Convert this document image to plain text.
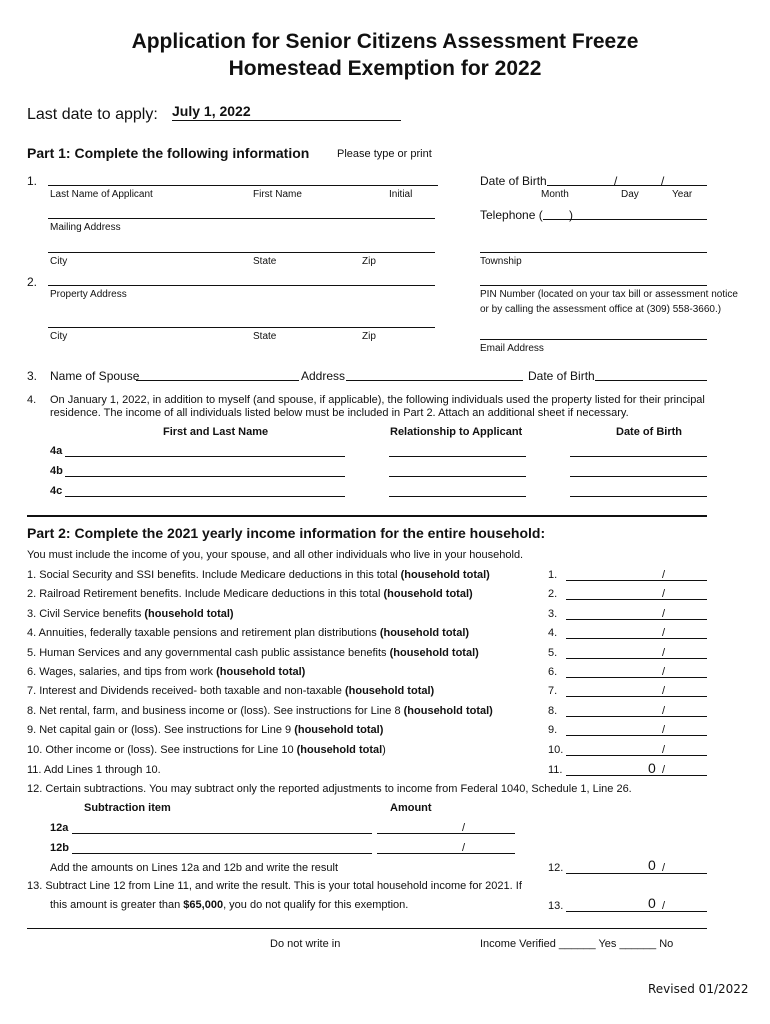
Application for Senior Citizens Assessment Freeze
Homestead Exemption for 2022
Last date to apply: July 1, 2022
Part 1: Complete the following information	Please type or print
1.
Last Name of Applicant	First Name	Initial
Mailing Address
City	State	Zip
Date of Birth	/	/
Month	Day	Year
Telephone ( )
Township
2.
Property Address
City	State	Zip
PIN Number (located on your tax bill or assessment notice
or by calling the assessment office at (309) 558-3660.)
Email Address
3. Name of Spouse	Address	Date of Birth
4. On January 1, 2022, in addition to myself (and spouse, if applicable), the following individuals used the property listed for their principal
residence. The income of all individuals listed below must be included in Part 2. Attach an additional sheet if necessary.
First and Last Name	Relationship to Applicant	Date of Birth
4a
4b
4c
Part 2: Complete the 2021 yearly income information for the entire household:
You must include the income of you, your spouse, and all other individuals who live in your household.
1. Social Security and SSI benefits. Include Medicare deductions in this total (household total)	1.	/
2. Railroad Retirement benefits. Include Medicare deductions in this total (household total)	2.	/
3. Civil Service benefits (household total)	3.	/
4. Annuities, federally taxable pensions and retirement plan distributions (household total)	4.	/
5. Human Services and any governmental cash public assistance benefits (household total)	5.	/
6. Wages, salaries, and tips from work (household total)	6.	/
7. Interest and Dividends received- both taxable and non-taxable (household total)	7.	/
8. Net rental, farm, and business income or (loss). See instructions for Line 8 (household total)	8.	/
9. Net capital gain or (loss). See instructions for Line 9 (household total)	9.	/
10. Other income or (loss). See instructions for Line 10 (household total)	10.	/
11. Add Lines 1 through 10.	11.	0 /
12. Certain subtractions. You may subtract only the reported adjustments to income from Federal 1040, Schedule 1, Line 26.
Subtraction item	Amount
12a	/
12b	/
Add the amounts on Lines 12a and 12b and write the result	12.	0 /
13. Subtract Line 12 from Line 11, and write the result. This is your total household income for 2021. If
this amount is greater than $65,000, you do not qualify for this exemption.	13.	0 /
Do not write in	Income Verified ______ Yes ______ No
Revised 01/2022
